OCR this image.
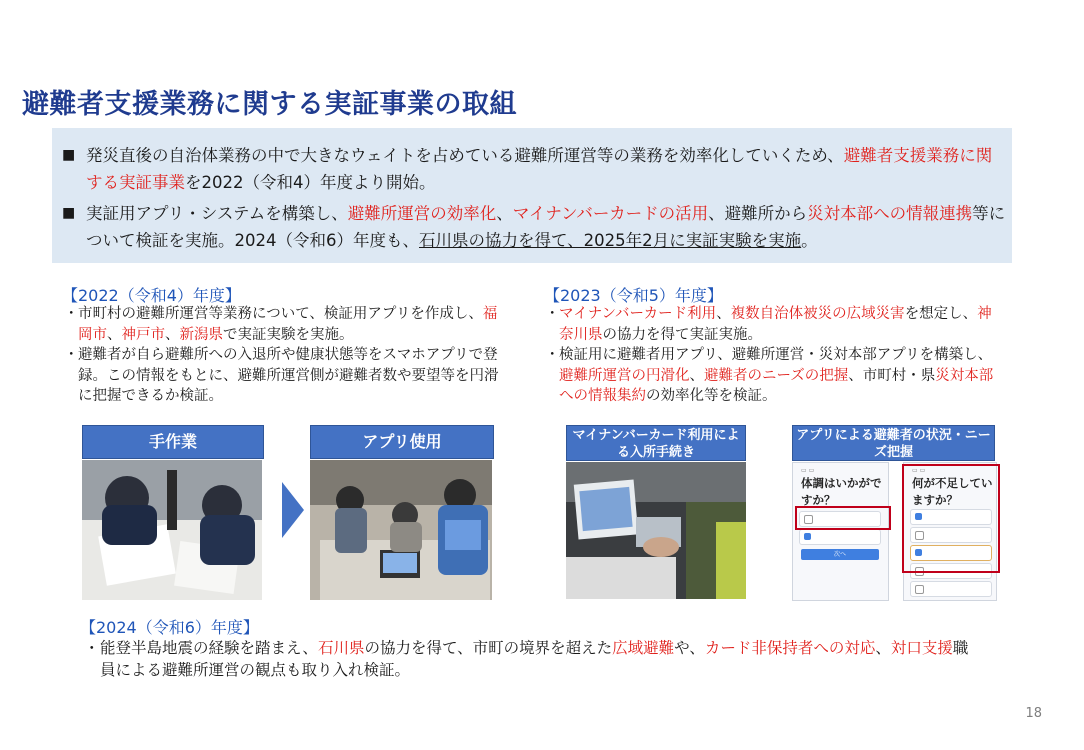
避難者支援業務に関する実証事業の取組
■ 発災直後の自治体業務の中で大きなウェイトを占めている避難所運営等の業務を効率化していくため、避難者支援業務に関する実証事業を2022（令和4）年度より開始。
■ 実証用アプリ・システムを構築し、避難所運営の効率化、マイナンバーカードの活用、避難所から災対本部への情報連携等について検証を実施。2024（令和6）年度も、石川県の協力を得て、2025年2月に実証実験を実施。
【2022（令和4）年度】
・ 市町村の避難所運営等業務について、検証用アプリを作成し、福岡市、神戸市、新潟県で実証実験を実施。
・ 避難者が自ら避難所への入退所や健康状態等をスマホアプリで登録。この情報をもとに、避難所運営側が避難者数や要望等を円滑に把握できるか検証。
【2023（令和5）年度】
・ マイナンバーカード利用、複数自治体被災の広域災害を想定し、神奈川県の協力を得て実証実施。
・ 検証用に避難者用アプリ、避難所運営・災対本部アプリを構築し、避難所運営の円滑化、避難者のニーズの把握、市町村・県災対本部への情報集約の効率化等を検証。
手作業	アプリ使用	マイナンバーカード利用による入所手続き
アプリによる避難者の状況・ニーズ把握
▭ ▭
体調はいかがですか？
次へ
▭ ▭
何が不足していますか？
【2024（令和6）年度】
・ 能登半島地震の経験を踏まえ、石川県の協力を得て、市町の境界を超えた広域避難や、カード非保持者への対応、対口支援職員による避難所運営の観点も取り入れ検証。
18
